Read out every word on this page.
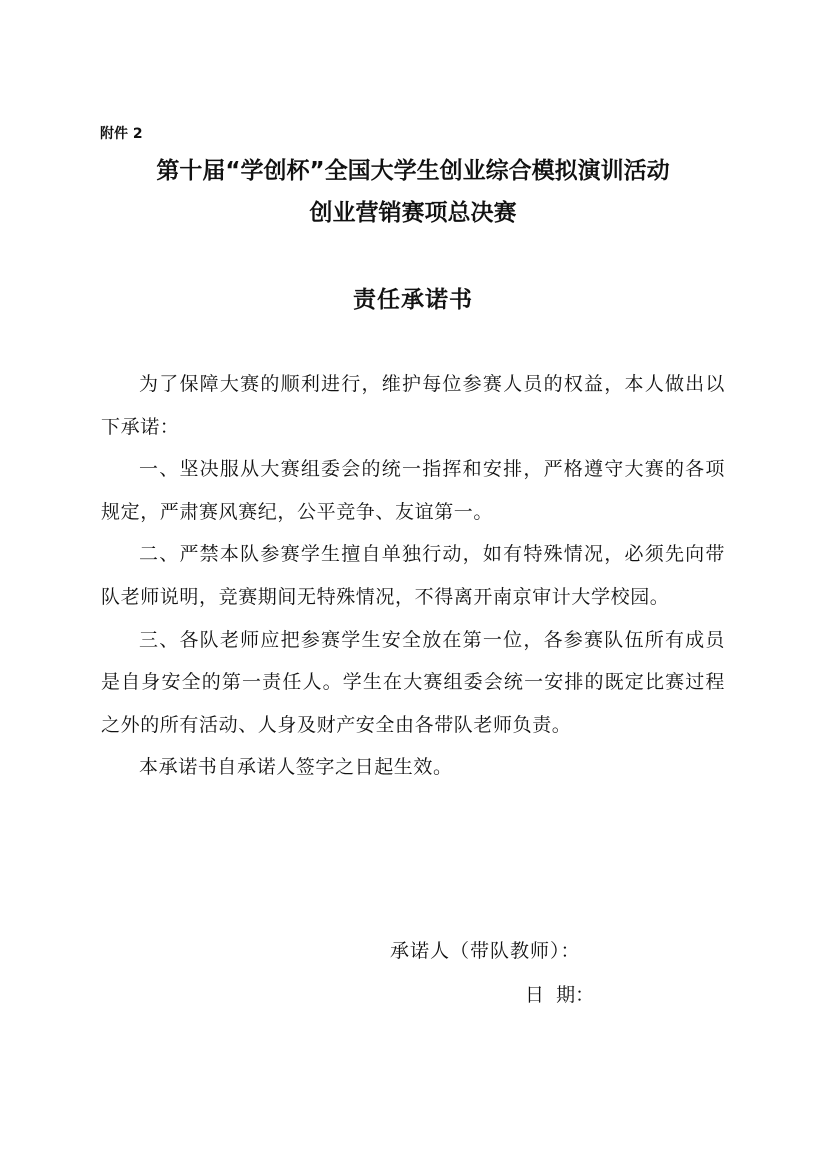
附件 2
第十届“学创杯”全国大学生创业综合模拟演训活动
创业营销赛项总决赛
责任承诺书

为了保障大赛的顺利进行，维护每位参赛人员的权益，本人做出以下承诺：

一、坚决服从大赛组委会的统一指挥和安排，严格遵守大赛的各项规定，严肃赛风赛纪，公平竞争、友谊第一。

二、严禁本队参赛学生擅自单独行动，如有特殊情况，必须先向带队老师说明，竞赛期间无特殊情况，不得离开南京审计大学校园。

三、各队老师应把参赛学生安全放在第一位，各参赛队伍所有成员是自身安全的第一责任人。学生在大赛组委会统一安排的既定比赛过程之外的所有活动、人身及财产安全由各带队老师负责。

本承诺书自承诺人签字之日起生效。

承诺人（带队教师）：
日  期：
